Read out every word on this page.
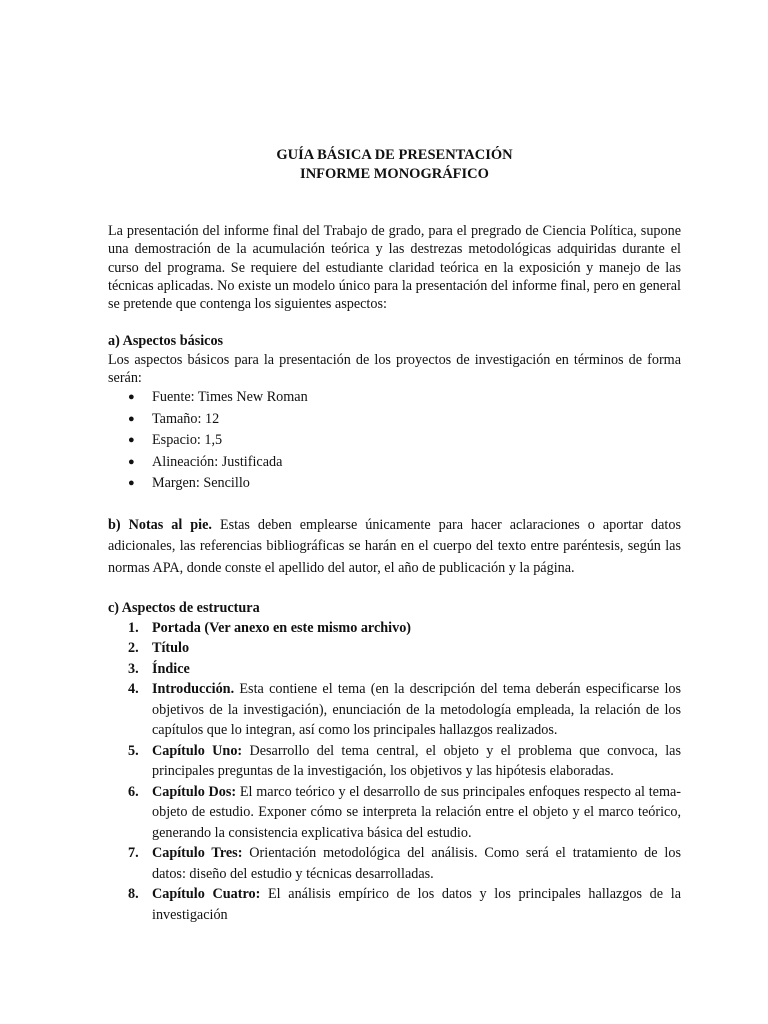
GUÍA BÁSICA DE PRESENTACIÓN
INFORME MONOGRÁFICO
La presentación del informe final del Trabajo de grado, para el pregrado de Ciencia Política, supone una demostración de la acumulación teórica y las destrezas metodológicas adquiridas durante el curso del programa. Se requiere del estudiante claridad teórica en la exposición y manejo de las técnicas aplicadas. No existe un modelo único para la presentación del informe final, pero en general se pretende que contenga los siguientes aspectos:
a) Aspectos básicos
Los aspectos básicos para la presentación de los proyectos de investigación en términos de forma serán:
● Fuente: Times New Roman
● Tamaño: 12
● Espacio: 1,5
● Alineación: Justificada
● Margen: Sencillo
b) Notas al pie. Estas deben emplearse únicamente para hacer aclaraciones o aportar datos adicionales, las referencias bibliográficas se harán en el cuerpo del texto entre paréntesis, según las normas APA, donde conste el apellido del autor, el año de publicación y la página.
c) Aspectos de estructura
1. Portada (Ver anexo en este mismo archivo)
2. Título
3. Índice
4. Introducción. Esta contiene el tema (en la descripción del tema deberán especificarse los objetivos de la investigación), enunciación de la metodología empleada, la relación de los capítulos que lo integran, así como los principales hallazgos realizados.
5. Capítulo Uno: Desarrollo del tema central, el objeto y el problema que convoca, las principales preguntas de la investigación, los objetivos y las hipótesis elaboradas.
6. Capítulo Dos: El marco teórico y el desarrollo de sus principales enfoques respecto al tema-objeto de estudio. Exponer cómo se interpreta la relación entre el objeto y el marco teórico, generando la consistencia explicativa básica del estudio.
7. Capítulo Tres: Orientación metodológica del análisis. Como será el tratamiento de los datos: diseño del estudio y técnicas desarrolladas.
8. Capítulo Cuatro: El análisis empírico de los datos y los principales hallazgos de la investigación
